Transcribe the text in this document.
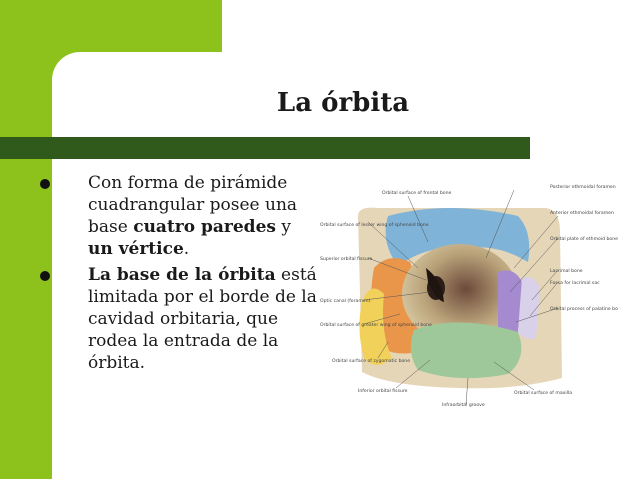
La órbita
Con forma de pirámide cuadrangular posee una base cuatro paredes y un vértice.
La base de la órbita está limitada por el borde de la cavidad orbitaria, que rodea la entrada de la órbita.
Orbital surface of frontal bone
Posterior ethmoidal foramen
Anterior ethmoidal foramen
Orbital surface of lesser wing of sphenoid bone
Orbital plate of ethmoid bone
Superior orbital fissure
Lacrimal bone
Fossa for lacrimal sac
Optic canal (foramen)
Orbital surface of greater wing of sphenoid bone
Orbital process of palatine bone
Orbital surface of zygomatic bone
Inferior orbital fissure	Orbital surface of maxilla
Infraorbital groove
